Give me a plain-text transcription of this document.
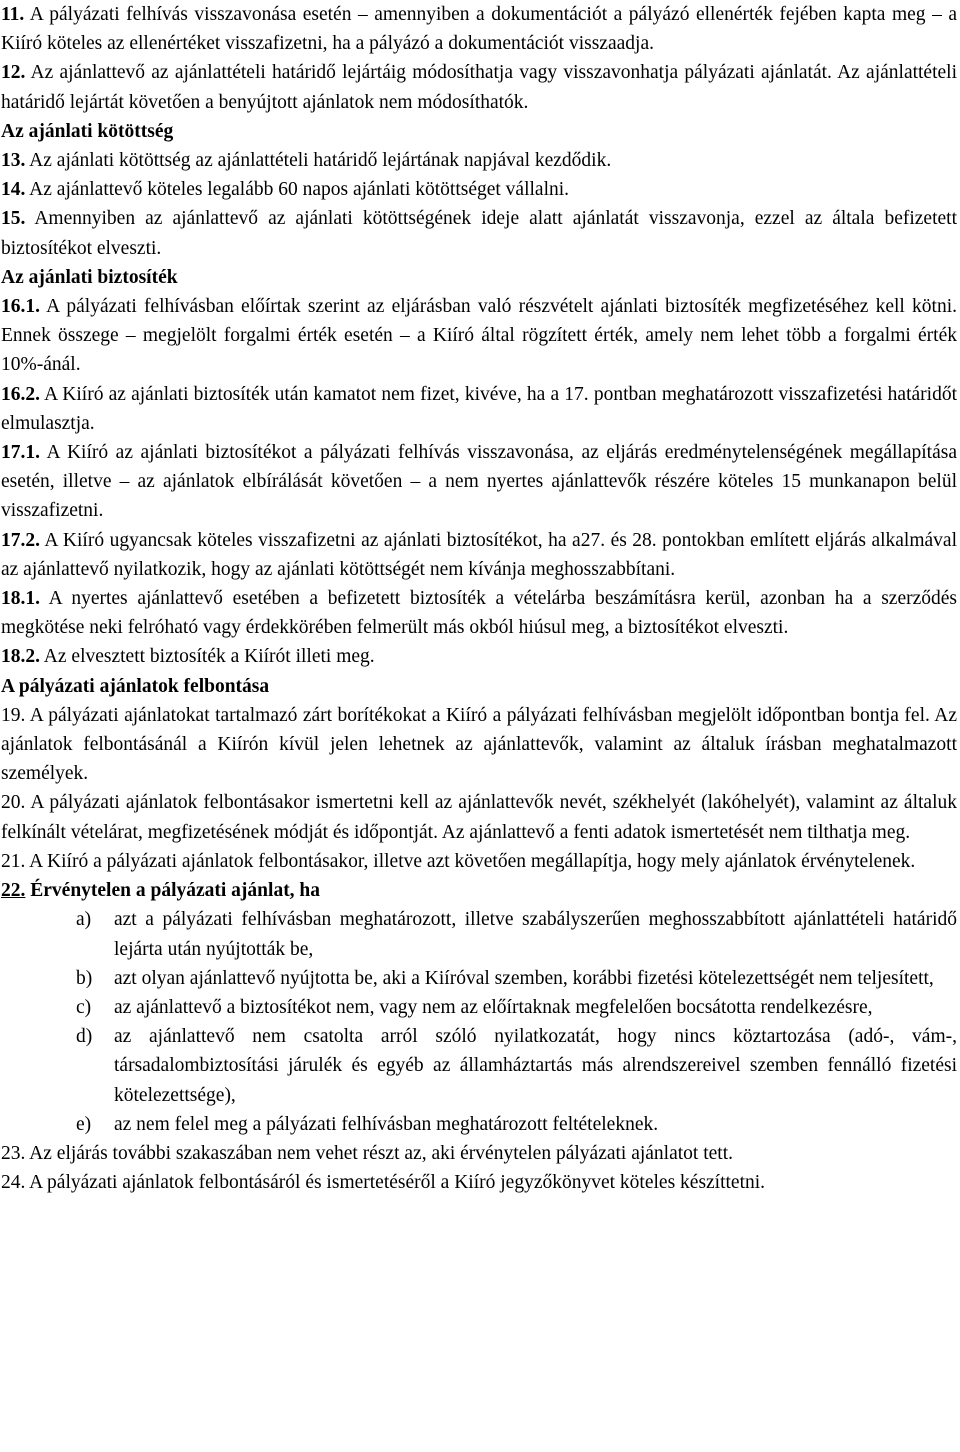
11. A pályázati felhívás visszavonása esetén – amennyiben a dokumentációt a pályázó ellenérték fejében kapta meg – a Kiíró köteles az ellenértéket visszafizetni, ha a pályázó a dokumentációt visszaadja.

12. Az ajánlattevő az ajánlattételi határidő lejártáig módosíthatja vagy visszavonhatja pályázati ajánlatát. Az ajánlattételi határidő lejártát követően a benyújtott ajánlatok nem módosíthatók.

Az ajánlati kötöttség

13. Az ajánlati kötöttség az ajánlattételi határidő lejártának napjával kezdődik.

14. Az ajánlattevő köteles legalább 60 napos ajánlati kötöttséget vállalni.

15. Amennyiben az ajánlattevő az ajánlati kötöttségének ideje alatt ajánlatát visszavonja, ezzel az általa befizetett biztosítékot elveszti.

Az ajánlati biztosíték

16.1. A pályázati felhívásban előírtak szerint az eljárásban való részvételt ajánlati biztosíték megfizetéséhez kell kötni. Ennek összege – megjelölt forgalmi érték esetén – a Kiíró által rögzített érték, amely nem lehet több a forgalmi érték 10%-ánál.

16.2. A Kiíró az ajánlati biztosíték után kamatot nem fizet, kivéve, ha a 17. pontban meghatározott visszafizetési határidőt elmulasztja.

17.1. A Kiíró az ajánlati biztosítékot a pályázati felhívás visszavonása, az eljárás eredménytelenségének megállapítása esetén, illetve – az ajánlatok elbírálását követően – a nem nyertes ajánlattevők részére köteles 15 munkanapon belül visszafizetni.

17.2. A Kiíró ugyancsak köteles visszafizetni az ajánlati biztosítékot, ha a27. és 28. pontokban említett eljárás alkalmával az ajánlattevő nyilatkozik, hogy az ajánlati kötöttségét nem kívánja meghosszabbítani.

18.1. A nyertes ajánlattevő esetében a befizetett biztosíték a vételárba beszámításra kerül, azonban ha a szerződés megkötése neki felróható vagy érdekkörében felmerült más okból hiúsul meg, a biztosítékot elveszti.

18.2. Az elvesztett biztosíték a Kiírót illeti meg.

A pályázati ajánlatok felbontása

19. A pályázati ajánlatokat tartalmazó zárt borítékokat a Kiíró a pályázati felhívásban megjelölt időpontban bontja fel. Az ajánlatok felbontásánál a Kiírón kívül jelen lehetnek az ajánlattevők, valamint az általuk írásban meghatalmazott személyek.

20. A pályázati ajánlatok felbontásakor ismertetni kell az ajánlattevők nevét, székhelyét (lakóhelyét), valamint az általuk felkínált vételárat, megfizetésének módját és időpontját. Az ajánlattevő a fenti adatok ismertetését nem tilthatja meg.

21. A Kiíró a pályázati ajánlatok felbontásakor, illetve azt követően megállapítja, hogy mely ajánlatok érvénytelenek.

22. Érvénytelen a pályázati ajánlat, ha
a) azt a pályázati felhívásban meghatározott, illetve szabályszerűen meghosszabbított ajánlattételi határidő lejárta után nyújtották be,
b) azt olyan ajánlattevő nyújtotta be, aki a Kiíróval szemben, korábbi fizetési kötelezettségét nem teljesített,
c) az ajánlattevő a biztosítékot nem, vagy nem az előírtaknak megfelelően bocsátotta rendelkezésre,
d) az ajánlattevő nem csatolta arról szóló nyilatkozatát, hogy nincs köztartozása (adó-, vám-, társadalombiztosítási járulék és egyéb az államháztartás más alrendszereivel szemben fennálló fizetési kötelezettsége),
e) az nem felel meg a pályázati felhívásban meghatározott feltételeknek.

23. Az eljárás további szakaszában nem vehet részt az, aki érvénytelen pályázati ajánlatot tett.

24. A pályázati ajánlatok felbontásáról és ismertetéséről a Kiíró jegyzőkönyvet köteles készíttetni.
